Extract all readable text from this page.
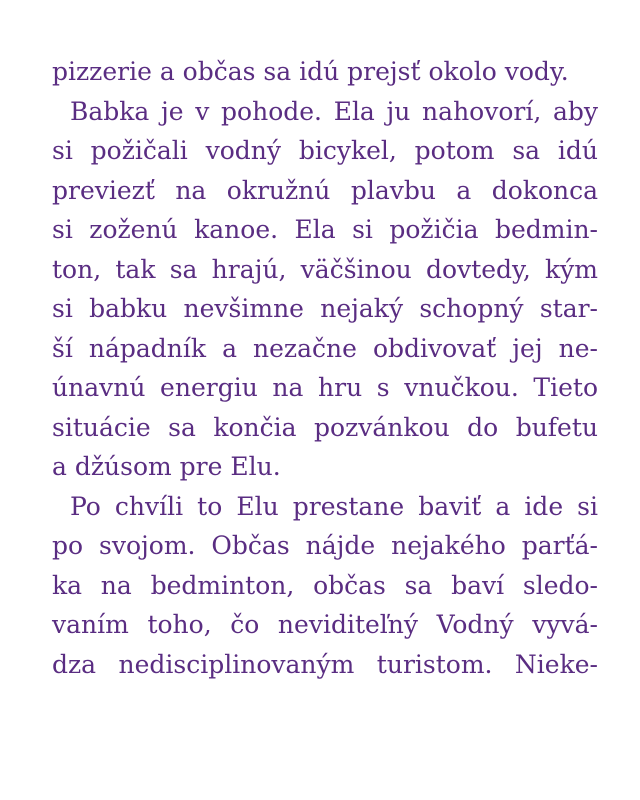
pizzerie a občas sa idú prejsť okolo vody.
Babka je v pohode. Ela ju nahovorí, aby
si požičali vodný bicykel, potom sa idú
previezť na okružnú plavbu a dokonca
si zoženú kanoe. Ela si požičia bedmin-
ton, tak sa hrajú, väčšinou dovtedy, kým
si babku nevšimne nejaký schopný star-
ší nápadník a nezačne obdivovať jej ne-
únavnú energiu na hru s vnučkou. Tieto
situácie sa končia pozvánkou do bufetu
a džúsom pre Elu.
Po chvíli to Elu prestane baviť a ide si
po svojom. Občas nájde nejakého parťá-
ka na bedminton, občas sa baví sledo-
vaním toho, čo neviditeľný Vodný vyvá-
dza nedisciplinovaným turistom. Nieke-
